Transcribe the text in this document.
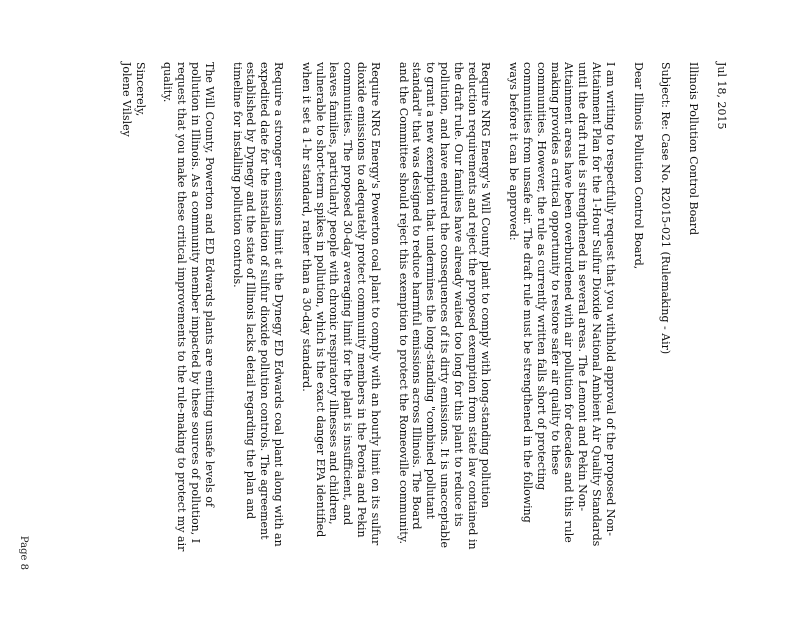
Jul 18, 2015

Illinois Pollution Control Board

Subject: Re: Case No. R2015-021 (Rulemaking - Air)

Dear Illinois Pollution Control Board,

I am writing to respectfully request that you withhold approval of the proposed Non-Attainment Plan for the 1-Hour Sulfur Dioxide National Ambient Air Quality Standards until the draft rule is strengthened in several areas. The Lemont and Pekin Non-Attainment areas have been overburdened with air pollution for decades and this rule making provides a critical opportunity to restore safer air quality to these communities. However, the rule as currently written falls short of protecting communities from unsafe air. The draft rule must be strengthened in the following ways before it can be approved:

Require NRG Energy's Will County plant to comply with long-standing pollution reduction requirements and reject the proposed exemption from state law contained in the draft rule. Our families have already waited too long for this plant to reduce its pollution, and have endured the consequences of its dirty emissions. It is unacceptable to grant a new exemption that undermines the long-standing "combined pollutant standard" that was designed to reduce harmful emissions across Illinois. The Board and the Committee should reject this exemption to protect the Romeoville community.

Require NRG Energy's Powerton coal plant to comply with an hourly limit on its sulfur dioxide emissions to adequately protect community members in the Peoria and Pekin communities. The proposed 30-day averaging limit for the plant is insufficient, and leaves families, particularly people with chronic respiratory illnesses and children, vulnerable to short-term spikes in pollution, which is the exact danger EPA identified when it set a 1-hr standard, rather than a 30-day standard.

Require a stronger emissions limit at the Dynegy ED Edwards coal plant along with an expedited date for the installation of sulfur dioxide pollution controls. The agreement established by Dynegy and the state of Illinois lacks detail regarding the plan and timeline for installing pollution controls.

The Will County, Powerton and ED Edwards plants are emitting unsafe levels of pollution in Illinois. As a community member impacted by these sources of pollution, I request that you make these critical improvements to the rule-making to protect my air quality.

Sincerely,
Jolene Vilsley
Page 8
